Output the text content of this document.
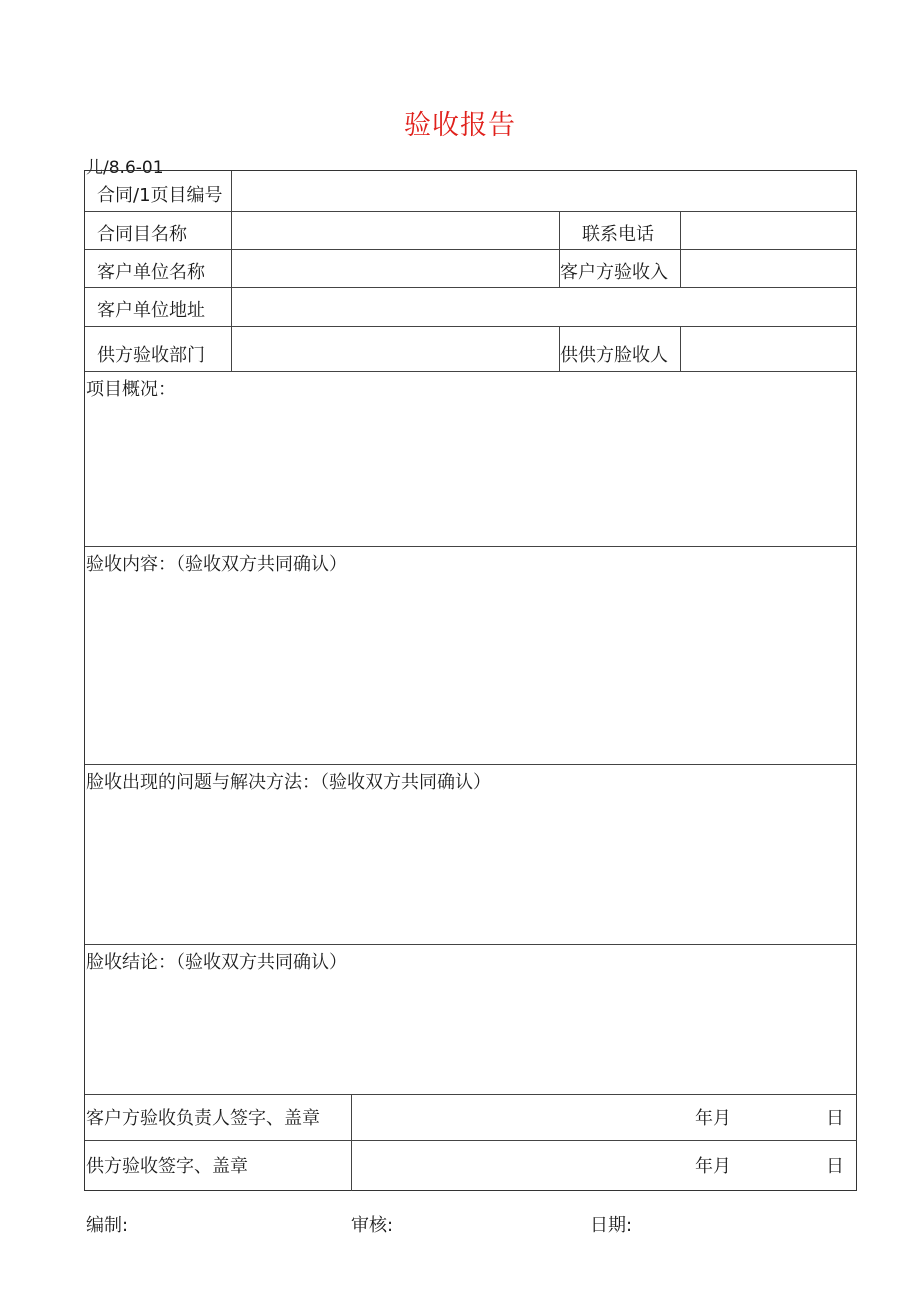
验收报告
儿/8.6-01
合同/1页目编号
合同目名称	联系电话
客户单位名称	客户方验收入
客户单位地址
供方验收部门	供供方脸收人
项目概况：
验收内容：（验收双方共同确认）
脸收出现的问题与解决方法：（验收双方共同确认）
脸收结论：（验收双方共同确认）
客户方验收负责人签字、盖章	年月	日
供方验收签字、盖章	年月	日
编制:	审核:	日期:
